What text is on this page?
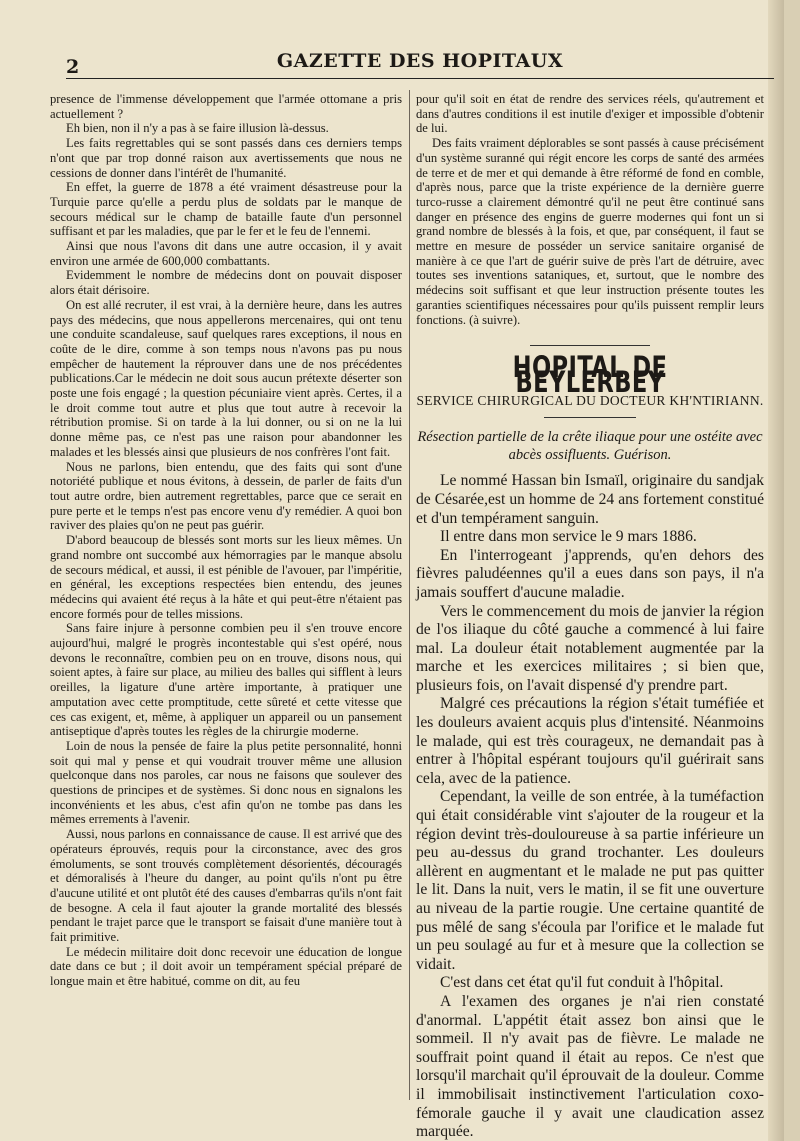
2	GAZETTE DES HOPITAUX

presence de l'immense développement que l'armée ottomane a pris actuellement ?

Eh bien, non il n'y a pas à se faire illusion là-dessus.

Les faits regrettables qui se sont passés dans ces derniers temps n'ont que par trop donné raison aux avertissements que nous ne cessions de donner dans l'intérêt de l'humanité.

En effet, la guerre de 1878 a été vraiment désastreuse pour la Turquie parce qu'elle a perdu plus de soldats par le manque de secours médical sur le champ de bataille faute d'un personnel suffisant et par les maladies, que par le fer et le feu de l'ennemi.

Ainsi que nous l'avons dit dans une autre occasion, il y avait environ une armée de 600,000 combattants.

Evidemment le nombre de médecins dont on pouvait disposer alors était dérisoire.

On est allé recruter, il est vrai, à la dernière heure, dans les autres pays des médecins, que nous appellerons mercenaires, qui ont tenu une conduite scandaleuse, sauf quelques rares exceptions, il nous en coûte de le dire, comme à son temps nous n'avons pas pu nous empêcher de hautement la réprouver dans une de nos précédentes publications.Car le médecin ne doit sous aucun prétexte déserter son poste une fois engagé ; la question pécuniaire vient après. Certes, il a le droit comme tout autre et plus que tout autre à recevoir la rétribution promise. Si on tarde à la lui donner, ou si on ne la lui donne même pas, ce n'est pas une raison pour abandonner les malades et les blessés ainsi que plusieurs de nos confrères l'ont fait.

Nous ne parlons, bien entendu, que des faits qui sont d'une notoriété publique et nous évitons, à dessein, de parler de faits d'un tout autre ordre, bien autrement regrettables, parce que ce serait en pure perte et le temps n'est pas encore venu d'y remédier. A quoi bon raviver des plaies qu'on ne peut pas guérir.

D'abord beaucoup de blessés sont morts sur les lieux mêmes. Un grand nombre ont succombé aux hémorragies par le manque absolu de secours médical, et aussi, il est pénible de l'avouer, par l'impéritie, en général, les exceptions respectées bien entendu, des jeunes médecins qui avaient été reçus à la hâte et qui peut-être n'étaient pas encore formés pour de telles missions.

Sans faire injure à personne combien peu il s'en trouve encore aujourd'hui, malgré le progrès incontestable qui s'est opéré, nous devons le reconnaître, combien peu on en trouve, disons nous, qui soient aptes, à faire sur place, au milieu des balles qui sifflent à leurs oreilles, la ligature d'une artère importante, à pratiquer une amputation avec cette promptitude, cette sûreté et cette vitesse que ces cas exigent, et, même, à appliquer un appareil ou un pansement antiseptique d'après toutes les règles de la chirurgie moderne.

Loin de nous la pensée de faire la plus petite personnalité, honni soit qui mal y pense et qui voudrait trouver même une allusion quelconque dans nos paroles, car nous ne faisons que soulever des questions de principes et de systèmes. Si donc nous en signalons les inconvénients et les abus, c'est afin qu'on ne tombe pas dans les mêmes errements à l'avenir.

Aussi, nous parlons en connaissance de cause. Il est arrivé que des opérateurs éprouvés, requis pour la circonstance, avec des gros émoluments, se sont trouvés complètement désorientés, découragés et démoralisés à l'heure du danger, au point qu'ils n'ont pu être d'aucune utilité et ont plutôt été des causes d'embarras qu'ils n'ont fait de besogne. A cela il faut ajouter la grande mortalité des blessés pendant le trajet parce que le transport se faisait d'une manière tout à fait primitive.

Le médecin militaire doit donc recevoir une éducation de longue date dans ce but ; il doit avoir un tempérament spécial préparé de longue main et être habitué, comme on dit, au feu

pour qu'il soit en état de rendre des services réels, qu'autrement et dans d'autres conditions il est inutile d'exiger et impossible d'obtenir de lui.

Des faits vraiment déplorables se sont passés à cause précisément d'un système suranné qui régit encore les corps de santé des armées de terre et de mer et qui demande à être réformé de fond en comble, d'après nous, parce que la triste expérience de la dernière guerre turco-russe a clairement démontré qu'il ne peut être continué sans danger en présence des engins de guerre modernes qui font un si grand nombre de blessés à la fois, et que, par conséquent, il faut se mettre en mesure de posséder un service sanitaire organisé de manière à ce que l'art de guérir suive de près l'art de détruire, avec toutes ses inventions sataniques, et, surtout, que le nombre des médecins soit suffisant et que leur instruction présente toutes les garanties scientifiques nécessaires pour qu'ils puissent remplir leurs fonctions. (à suivre).

HOPITAL DE BEYLERBEY
SERVICE CHIRURGICAL DU DOCTEUR KH'NTIRIANN.
Résection partielle de la crête iliaque pour une ostéite avec abcès ossifluents. Guérison.

Le nommé Hassan bin Ismaïl, originaire du sandjak de Césarée,est un homme de 24 ans fortement constitué et d'un tempérament sanguin.

Il entre dans mon service le 9 mars 1886.

En l'interrogeant j'apprends, qu'en dehors des fièvres paludéennes qu'il a eues dans son pays, il n'a jamais souffert d'aucune maladie.

Vers le commencement du mois de janvier la région de l'os iliaque du côté gauche a commencé à lui faire mal. La douleur était notablement augmentée par la marche et les exercices militaires ; si bien que, plusieurs fois, on l'avait dispensé d'y prendre part.

Malgré ces précautions la région s'était tuméfiée et les douleurs avaient acquis plus d'intensité. Néanmoins le malade, qui est très courageux, ne demandait pas à entrer à l'hôpital espérant toujours qu'il guérirait sans cela, avec de la patience.

Cependant, la veille de son entrée, à la tuméfaction qui était considérable vint s'ajouter de la rougeur et la région devint très-douloureuse à sa partie inférieure un peu au-dessus du grand trochanter. Les douleurs allèrent en augmentant et le malade ne put pas quitter le lit. Dans la nuit, vers le matin, il se fit une ouverture au niveau de la partie rougie. Une certaine quantité de pus mêlé de sang s'écoula par l'orifice et le malade fut un peu soulagé au fur et à mesure que la collection se vidait.

C'est dans cet état qu'il fut conduit à l'hôpital.

A l'examen des organes je n'ai rien constaté d'anormal. L'appétit était assez bon ainsi que le sommeil. Il n'y avait pas de fièvre. Le malade ne souffrait point quand il était au repos. Ce n'est que lorsqu'il marchait qu'il éprouvait de la douleur. Comme il immobilisait instinctivement l'articulation coxo-fémorale gauche il y avait une claudication assez marquée.
